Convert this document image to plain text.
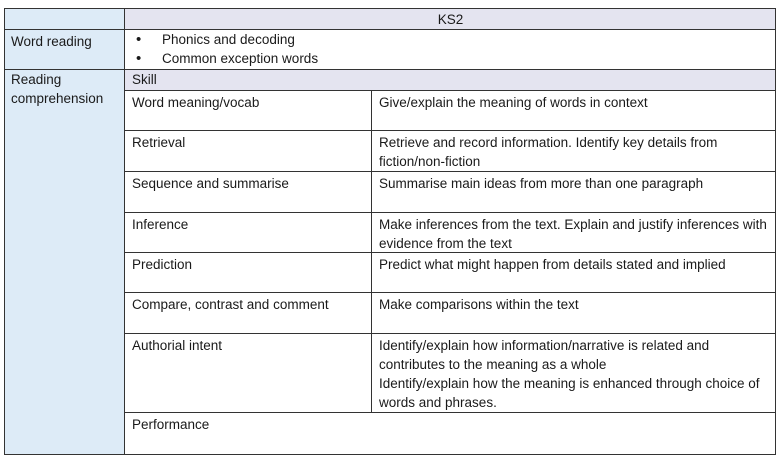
KS2
Word reading
•	Phonics and decoding
• Common exception words
Reading
comprehension
Skill
Word meaning/vocab	Give/explain the meaning of words in context
Retrieval	Retrieve and record information. Identify key details from fiction/non-fiction
Sequence and summarise	Summarise main ideas from more than one paragraph
Inference	Make inferences from the text. Explain and justify inferences with evidence from the text
Prediction	Predict what might happen from details stated and implied
Compare, contrast and comment	Make comparisons within the text
Authorial intent	Identify/explain how information/narrative is related and contributes to the meaning as a whole
Identify/explain how the meaning is enhanced through choice of words and phrases.
Performance
